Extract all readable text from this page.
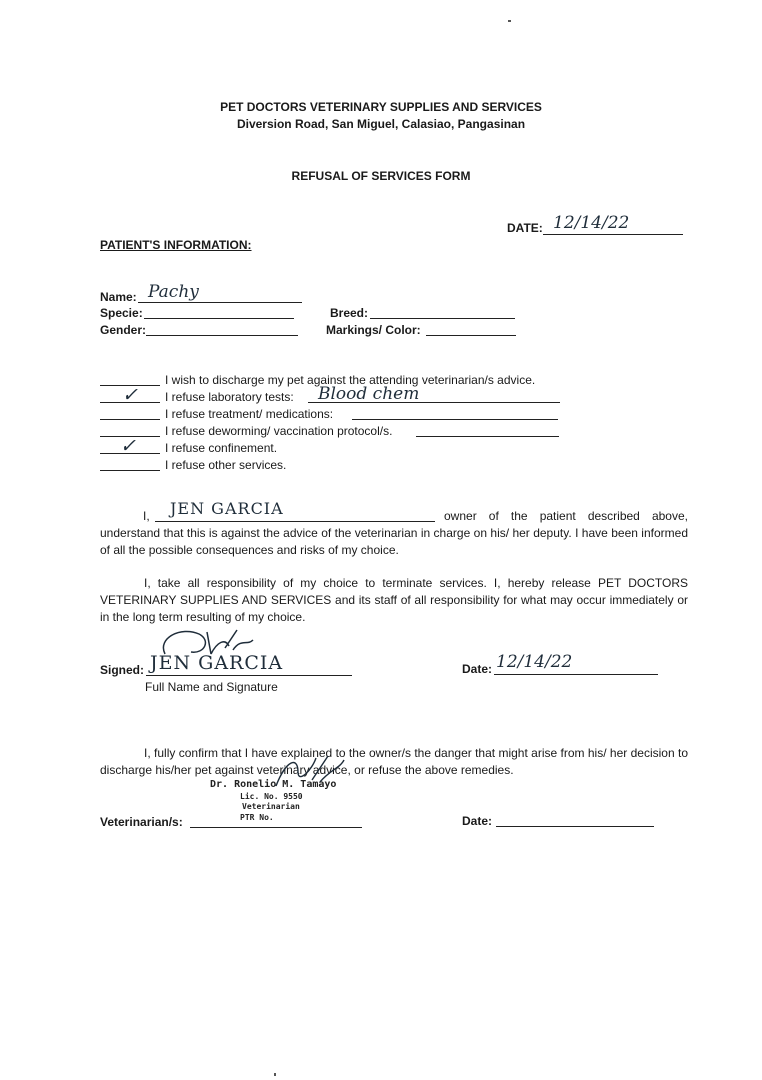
PET DOCTORS VETERINARY SUPPLIES AND SERVICES
Diversion Road, San Miguel, Calasiao, Pangasinan
REFUSAL OF SERVICES FORM
DATE: 12/14/22
PATIENT'S INFORMATION:
Name: Pachy
Specie:
Gender:
Breed:
Markings/ Color:
I wish to discharge my pet against the attending veterinarian/s advice.
✓ I refuse laboratory tests: Blood chem
I refuse treatment/ medications:
I refuse deworming/ vaccination protocol/s.
✓ I refuse confinement.
I refuse other services.
I, JEN GARCIA	owner of the patient described above,
understand that this is against the advice of the veterinarian in charge on his/ her deputy. I have been informed of all the possible consequences and risks of my choice.
I, take all responsibility of my choice to terminate services. I, hereby release PET DOCTORS VETERINARY SUPPLIES AND SERVICES and its staff of all responsibility for what may occur immediately or in the long term resulting of my choice.
Signed: JEN GARCIA
Full Name and Signature
Date: 12/14/22
I, fully confirm that I have explained to the owner/s the danger that might arise from his/ her decision to discharge his/her pet against veterinary advice, or refuse the above remedies.
Dr. Ronelio M. Tamayo
Lic. No. 9550
Veterinarian
PTR No.
Veterinarian/s:	Date:
